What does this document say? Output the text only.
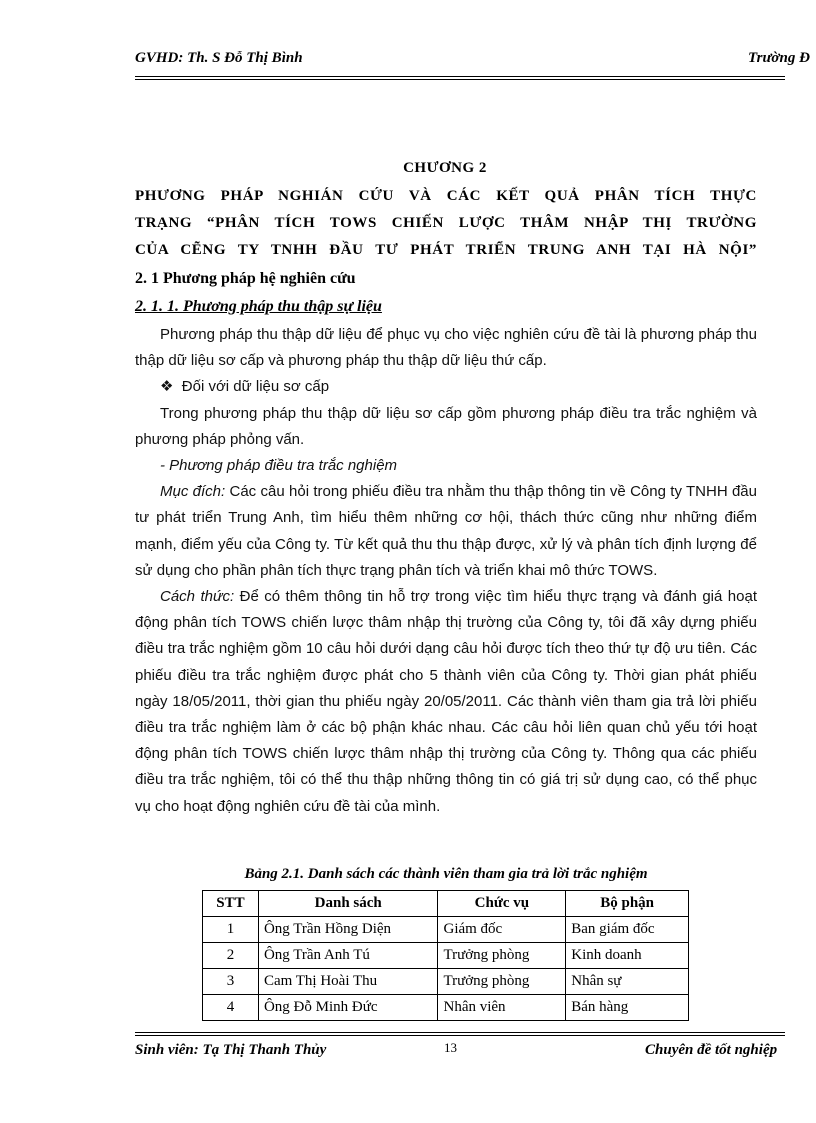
GVHD: Th. S Đỗ Thị Bình	Trường Đ
CHƯƠNG 2
PHƯƠNG PHÁP NGHIÁN CỨU VÀ CÁC KẾT QUẢ PHÂN TÍCH THỰC
TRẠNG “PHÂN TÍCH TOWS CHIẾN LƯỢC THÂM NHẬP THỊ TRƯỜNG
CỦA CẼNG TY TNHH ĐẦU TƯ PHÁT TRIỂN TRUNG ANH TẠI HÀ NỘI”
2. 1 Phương pháp hệ nghiên cứu
2. 1. 1. Phương pháp thu thập sự liệu

Phương pháp thu thập dữ liệu để phục vụ cho việc nghiên cứu đề tài là phương pháp thu thập dữ liệu sơ cấp và phương pháp thu thập dữ liệu thứ cấp.

❖ Đối với dữ liệu sơ cấp

Trong phương pháp thu thập dữ liệu sơ cấp gồm phương pháp điều tra trắc nghiệm và phương pháp phỏng vấn.

- Phương pháp điều tra trắc nghiệm

Mục đích: Các câu hỏi trong phiếu điều tra nhằm thu thập thông tin về Công ty TNHH đầu tư phát triển Trung Anh, tìm hiểu thêm những cơ hội, thách thức cũng như những điểm mạnh, điểm yếu của Công ty. Từ kết quả thu thu thập được, xử lý và phân tích định lượng để sử dụng cho phần phân tích thực trạng phân tích và triển khai mô thức TOWS.

Cách thức: Để có thêm thông tin hỗ trợ trong việc tìm hiểu thực trạng và đánh giá hoạt động phân tích TOWS chiến lược thâm nhập thị trường của Công ty, tôi đã xây dựng phiếu điều tra trắc nghiệm gồm 10 câu hỏi dưới dạng câu hỏi được tích theo thứ tự độ ưu tiên. Các phiếu điều tra trắc nghiệm được phát cho 5 thành viên của Công ty. Thời gian phát phiếu ngày 18/05/2011, thời gian thu phiếu ngày 20/05/2011. Các thành viên tham gia trả lời phiếu điều tra trắc nghiệm làm ở các bộ phận khác nhau. Các câu hỏi liên quan chủ yếu tới hoạt động phân tích TOWS chiến lược thâm nhập thị trường của Công ty. Thông qua các phiếu điều tra trắc nghiệm, tôi có thể thu thập những thông tin có giá trị sử dụng cao, có thể phục vụ cho hoạt động nghiên cứu đề tài của mình.

Bảng 2.1. Danh sách các thành viên tham gia trả lời trắc nghiệm
STT	Danh sách	Chức vụ	Bộ phận
1	Ông Trần Hồng Diện	Giám đốc	Ban giám đốc
2	Ông Trần Anh Tú	Trưởng phòng	Kinh doanh
3	Cam Thị Hoài Thu	Trưởng phòng	Nhân sự
4	Ông Đỗ Minh Đức	Nhân viên	Bán hàng
Sinh viên: Tạ Thị Thanh Thủy	13	Chuyên đề tốt nghiệp
